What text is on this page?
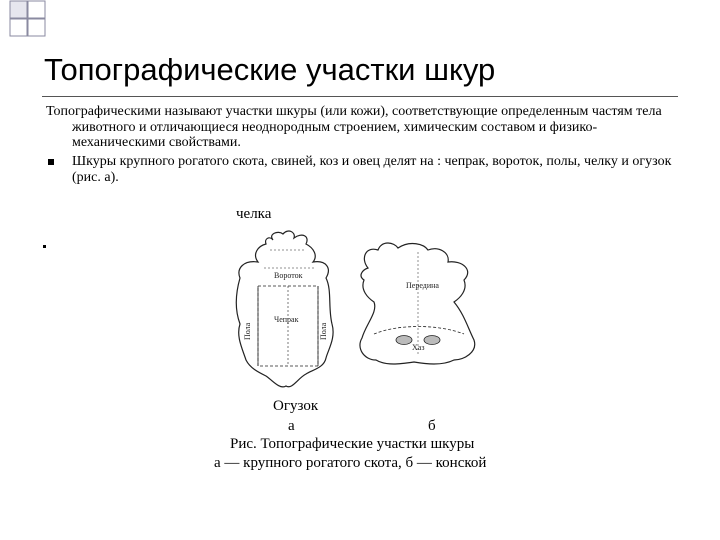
Топографические участки шкур
Топографическими называют участки шкуры (или кожи), соответствующие определенным частям тела животного и отличающиеся неоднородным строением, химическим составом и физико-механическими свойствами.
Шкуры крупного рогатого скота, свиней, коз и овец делят на : чепрак, вороток, полы, челку и огузок (рис. а).
челка
Вороток
Чепрак
Пола	Пола
Передина
Хаз
Огузок
а	б
Рис. Топографические участки шкуры
а — крупного рогатого скота, б — конской
